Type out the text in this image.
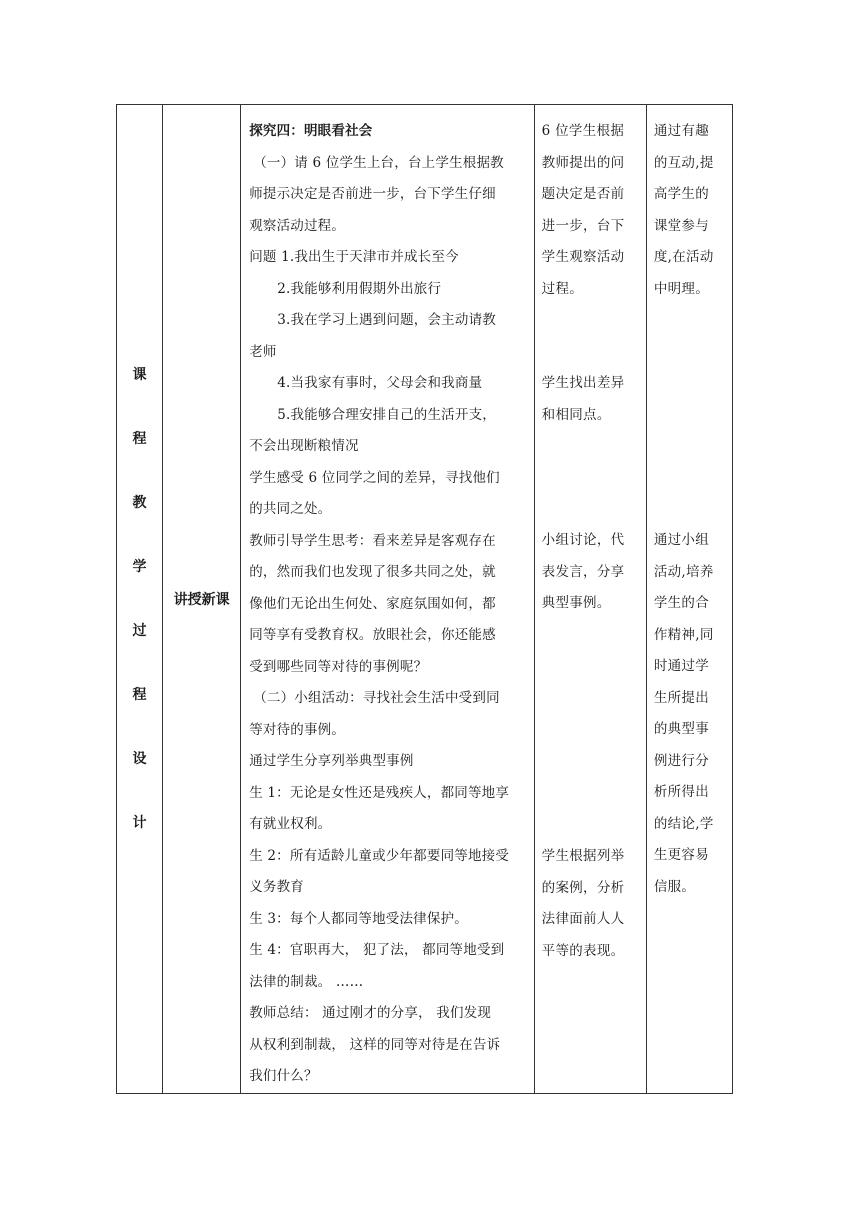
课
程
教
学
过
程
设
计
	讲授新课	
探究四：明眼看社会
（一）请 6 位学生上台，台上学生根据教
师提示决定是否前进一步，台下学生仔细
观察活动过程。
问题 1.我出生于天津市并成长至今
2.我能够利用假期外出旅行
3.我在学习上遇到问题，会主动请教
老师
4.当我家有事时，父母会和我商量
5.我能够合理安排自己的生活开支，
不会出现断粮情况
学生感受 6 位同学之间的差异，寻找他们
的共同之处。
教师引导学生思考：看来差异是客观存在
的，然而我们也发现了很多共同之处，就
像他们无论出生何处、家庭氛围如何，都
同等享有受教育权。放眼社会，你还能感
受到哪些同等对待的事例呢？
（二）小组活动：寻找社会生活中受到同
等对待的事例。
通过学生分享列举典型事例
生 1：无论是女性还是残疾人，都同等地享
有就业权利。
生 2：所有适龄儿童或少年都要同等地接受
义务教育
生 3：每个人都同等地受法律保护。
生 4：官职再大， 犯了法， 都同等地受到
法律的制裁。 ……
教师总结： 通过刚才的分享， 我们发现
从权利到制裁， 这样的同等对待是在告诉
我们什么？

6 位学生根据
教师提出的问
题决定是否前
进一步，台下
学生观察活动
过程。
学生找出差异
和相同点。
小组讨论，代
表发言，分享
典型事例。
学生根据列举
的案例，分析
法律面前人人
平等的表现。

通过有趣
的互动,提
高学生的
课堂参与
度,在活动
中明理。
通过小组
活动,培养
学生的合
作精神,同
时通过学
生所提出
的典型事
例进行分
析所得出
的结论,学
生更容易
信服。
